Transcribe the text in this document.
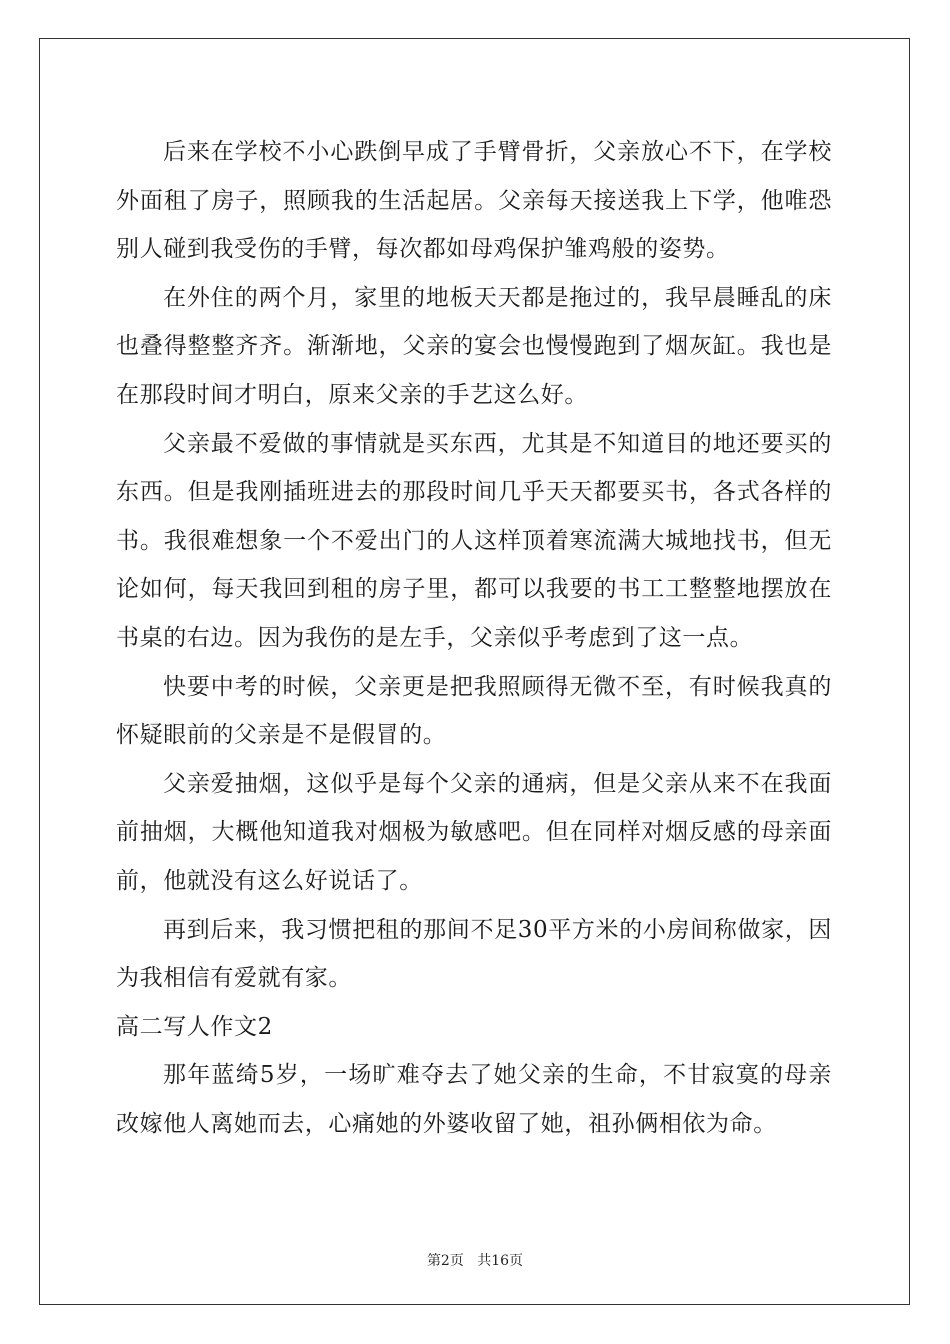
后来在学校不小心跌倒早成了手臂骨折，父亲放心不下，在学校外面租了房子，照顾我的生活起居。父亲每天接送我上下学，他唯恐别人碰到我受伤的手臂，每次都如母鸡保护雏鸡般的姿势。

在外住的两个月，家里的地板天天都是拖过的，我早晨睡乱的床也叠得整整齐齐。渐渐地，父亲的宴会也慢慢跑到了烟灰缸。我也是在那段时间才明白，原来父亲的手艺这么好。

父亲最不爱做的事情就是买东西，尤其是不知道目的地还要买的东西。但是我刚插班进去的那段时间几乎天天都要买书，各式各样的书。我很难想象一个不爱出门的人这样顶着寒流满大城地找书，但无论如何，每天我回到租的房子里，都可以我要的书工工整整地摆放在书桌的右边。因为我伤的是左手，父亲似乎考虑到了这一点。

快要中考的时候，父亲更是把我照顾得无微不至，有时候我真的怀疑眼前的父亲是不是假冒的。

父亲爱抽烟，这似乎是每个父亲的通病，但是父亲从来不在我面前抽烟，大概他知道我对烟极为敏感吧。但在同样对烟反感的母亲面前，他就没有这么好说话了。

再到后来，我习惯把租的那间不足30平方米的小房间称做家，因为我相信有爱就有家。

高二写人作文2

那年蓝绮5岁，一场旷难夺去了她父亲的生命，不甘寂寞的母亲改嫁他人离她而去，心痛她的外婆收留了她，祖孙俩相依为命。

第2页 共16页
